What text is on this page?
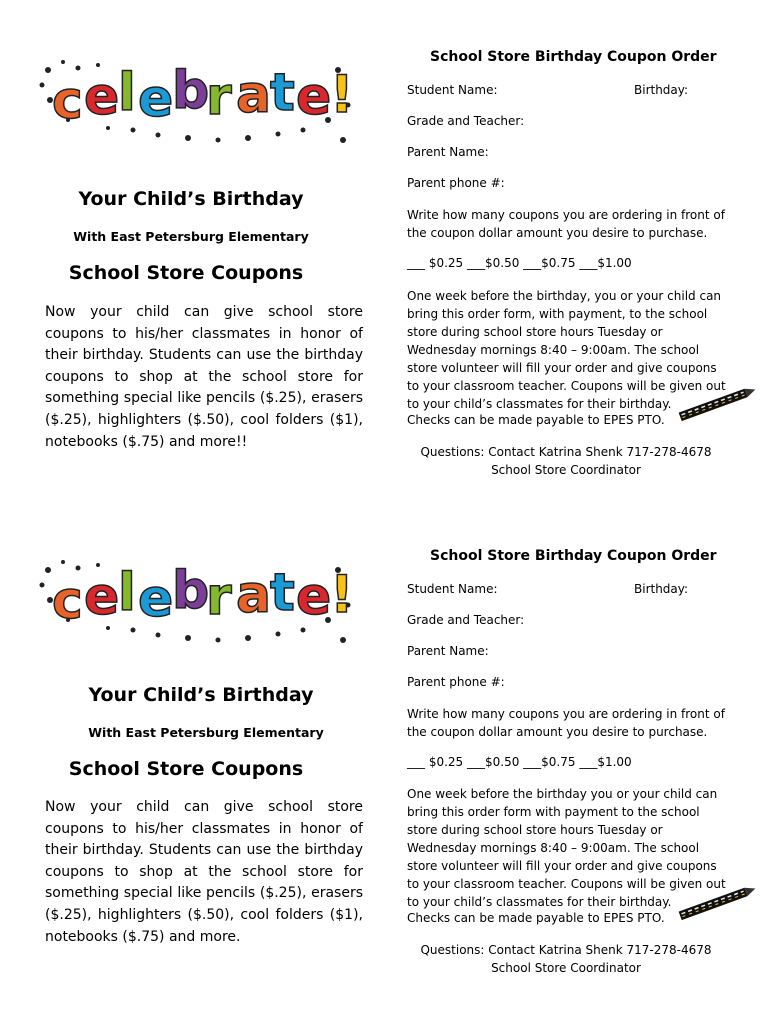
c e
l e
b
r a
t e
!
Your Child’s Birthday
With East Petersburg Elementary
School Store Coupons
Now your child can give school store coupons to his/her classmates in honor of their birthday. Students can use the birthday coupons to shop at the school store for something special like pencils ($.25), erasers ($.25), highlighters ($.50), cool folders ($1), notebooks ($.75) and more!!
School Store Birthday Coupon Order
Student Name:	Birthday:
Grade and Teacher:
Parent Name:
Parent phone #:
Write how many coupons you are ordering in front of the coupon dollar amount you desire to purchase.
___ $0.25 ___$0.50 ___$0.75 ___$1.00
One week before the birthday, you or your child can bring this order form, with payment, to the school store during school store hours Tuesday or Wednesday mornings 8:40 – 9:00am. The school store volunteer will fill your order and give coupons to your classroom teacher. Coupons will be given out to your child’s classmates for their birthday.
Checks can be made payable to EPES PTO.
Questions: Contact Katrina Shenk 717-278-4678
School Store Coordinator
c e
l e
b
r a
t e
!
Your Child’s Birthday
With East Petersburg Elementary
School Store Coupons
Now your child can give school store coupons to his/her classmates in honor of their birthday. Students can use the birthday coupons to shop at the school store for something special like pencils ($.25), erasers ($.25), highlighters ($.50), cool folders ($1), notebooks ($.75) and more.
School Store Birthday Coupon Order
Student Name:	Birthday:
Grade and Teacher:
Parent Name:
Parent phone #:
Write how many coupons you are ordering in front of the coupon dollar amount you desire to purchase.
___ $0.25 ___$0.50 ___$0.75 ___$1.00
One week before the birthday you or your child can bring this order form with payment to the school store during school store hours Tuesday or Wednesday mornings 8:40 – 9:00am. The school store volunteer will fill your order and give coupons to your classroom teacher. Coupons will be given out to your child’s classmates for their birthday.
Checks can be made payable to EPES PTO.
Questions: Contact Katrina Shenk 717-278-4678
School Store Coordinator
